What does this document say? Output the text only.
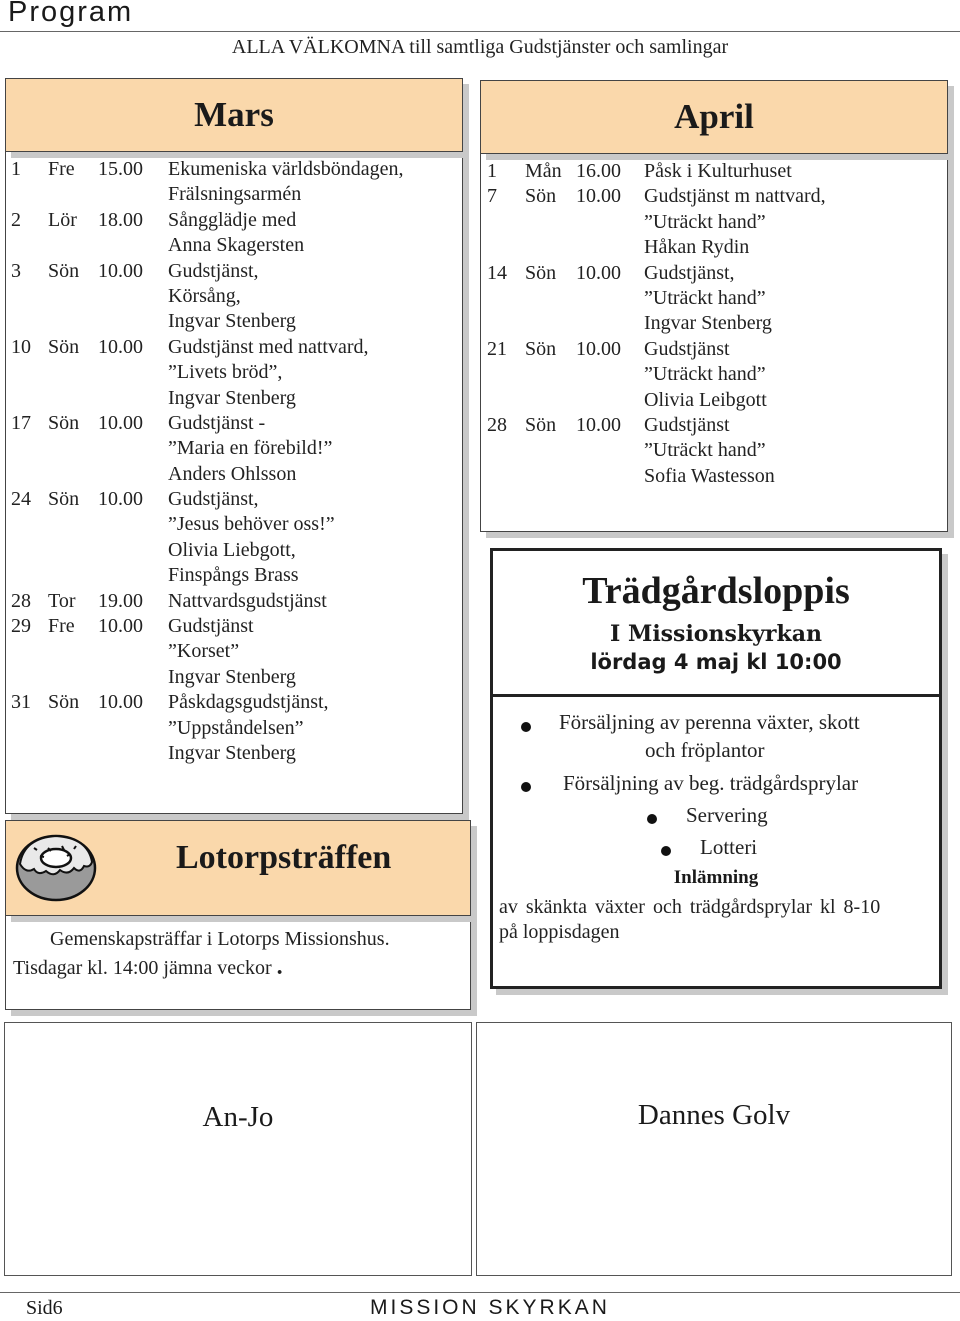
Program
ALLA VÄLKOMNA till samtliga Gudstjänster och samlingar
Mars
1 Fre 15.00 Ekumeniska världsböndagen,
Frälsningsarmén
2 Lör 18.00 Sångglädje med
Anna Skagersten
3 Sön 10.00 Gudstjänst,
Körsång,
Ingvar Stenberg
10 Sön 10.00 Gudstjänst med nattvard,
”Livets bröd”,
Ingvar Stenberg
17 Sön 10.00 Gudstjänst -
”Maria en förebild!”
Anders Ohlsson
24 Sön 10.00 Gudstjänst,
”Jesus behöver oss!”
Olivia Liebgott,
Finspångs Brass
28 Tor 19.00 Nattvardsgudstjänst
29 Fre 10.00 Gudstjänst
”Korset”
Ingvar Stenberg
31 Sön 10.00 Påskdagsgudstjänst,
”Uppståndelsen”
Ingvar Stenberg
April
1 Mån 16.00 Påsk i Kulturhuset
7 Sön 10.00 Gudstjänst m nattvard,
”Uträckt hand”
Håkan Rydin
14 Sön 10.00 Gudstjänst,
”Uträckt hand”
Ingvar Stenberg
21 Sön 10.00 Gudstjänst
”Uträckt hand”
Olivia Leibgott
28 Sön 10.00 Gudstjänst
”Uträckt hand”
Sofia Wastesson
Lotorpsträffen
Gemenskapsträffar i Lotorps Missionshus.
Tisdagar kl. 14:00 jämna veckor .
Trädgårdsloppis
I Missionskyrkan
lördag 4 maj kl 10:00
Försäljning av perenna växter, skott
och fröplantor
Försäljning av beg. trädgårdsprylar
Servering
Lotteri
Inlämning
av skänkta växter och trädgårdsprylar kl 8-10
på loppisdagen
An-Jo	Dannes Golv
Sid6	MISSION SKYRKAN
